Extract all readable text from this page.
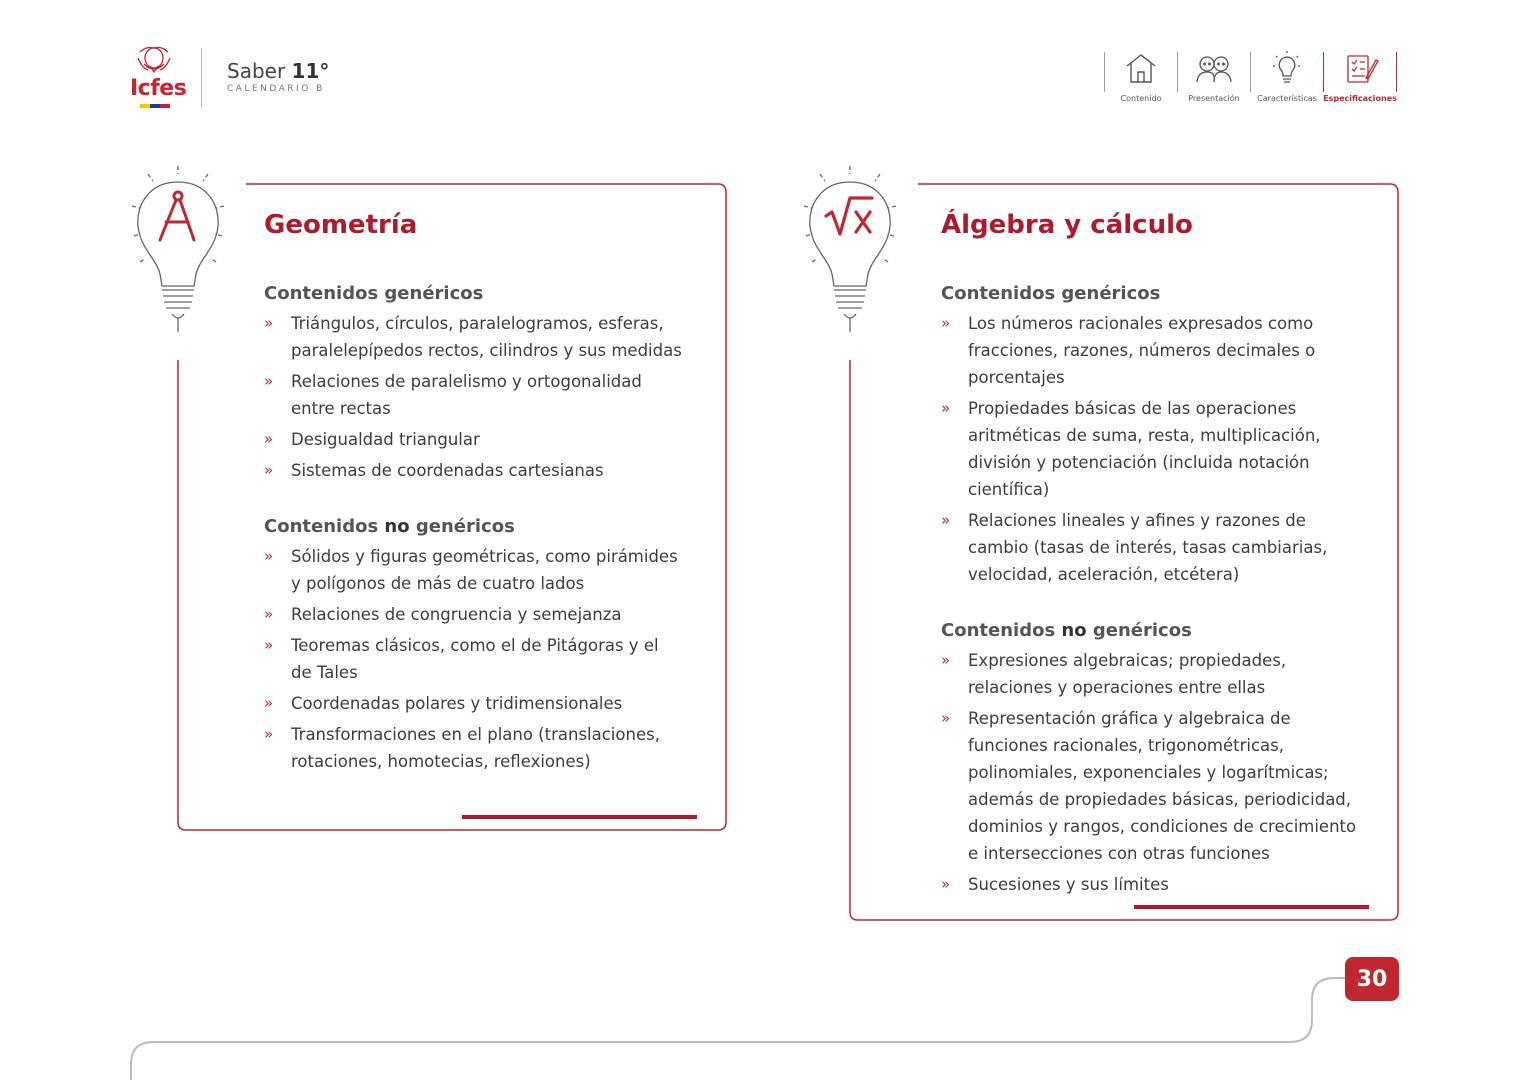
Icfes
Saber 11°
CALENDARIO B
Contenido	Presentación Características Especificaciones
Geometría
Contenidos genéricos
» Triángulos, círculos, paralelogramos, esferas, paralelepípedos rectos, cilindros y sus medidas
» Relaciones de paralelismo y ortogonalidad entre rectas
» Desigualdad triangular
» Sistemas de coordenadas cartesianas
Contenidos no genéricos
» Sólidos y figuras geométricas, como pirámides y polígonos de más de cuatro lados
» Relaciones de congruencia y semejanza
» Teoremas clásicos, como el de Pitágoras y el de Tales
» Coordenadas polares y tridimensionales
» Transformaciones en el plano (translaciones, rotaciones, homotecias, reflexiones)
Álgebra y cálculo
Contenidos genéricos
» Los números racionales expresados como fracciones, razones, números decimales o porcentajes
» Propiedades básicas de las operaciones aritméticas de suma, resta, multiplicación, división y potenciación (incluida notación científica)
» Relaciones lineales y afines y razones de cambio (tasas de interés, tasas cambiarias, velocidad, aceleración, etcétera)
Contenidos no genéricos
» Expresiones algebraicas; propiedades, relaciones y operaciones entre ellas
» Representación gráfica y algebraica de funciones racionales, trigonométricas, polinomiales, exponenciales y logarítmicas; además de propiedades básicas, periodicidad, dominios y rangos, condiciones de crecimiento e intersecciones con otras funciones
» Sucesiones y sus límites
30
